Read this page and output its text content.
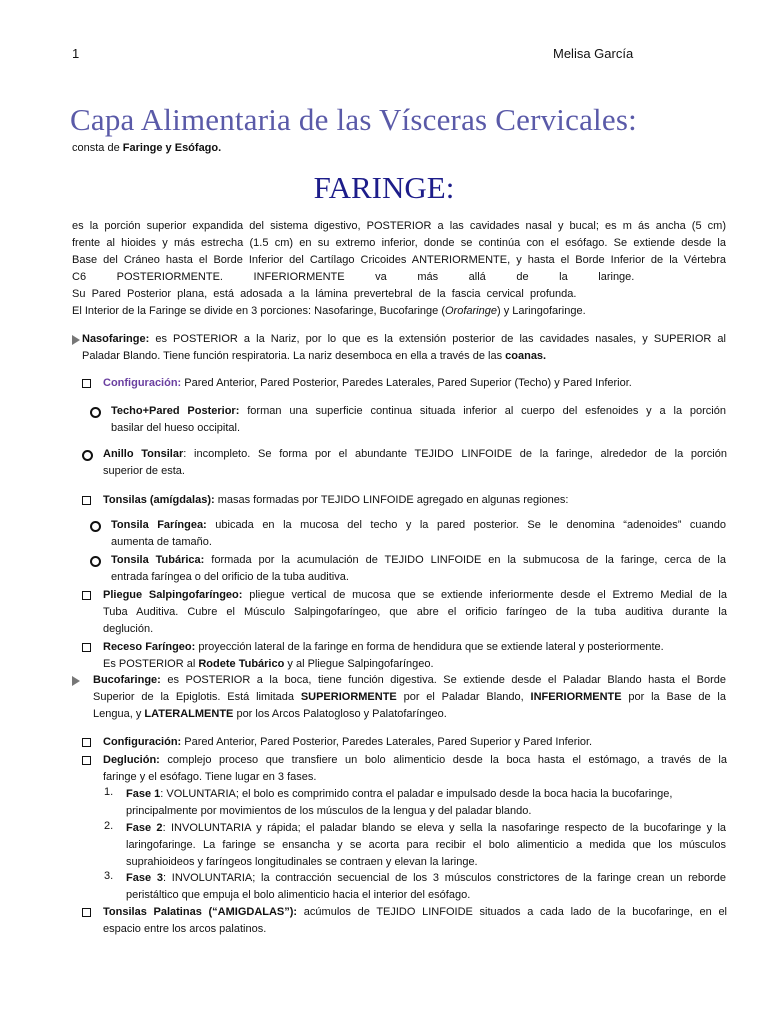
1	Melisa García
Capa Alimentaria de las Vísceras Cervicales:
consta de Faringe y Esófago.
FARINGE:
es la porción superior expandida del sistema digestivo, POSTERIOR a las cavidades nasal y bucal; es m ás ancha (5 cm)
frente al hioides y más estrecha (1.5 cm) en su extremo inferior, donde se continúa con el esófago. Se extiende desde la
Base del Cráneo hasta el Borde Inferior del Cartílago Cricoides ANTERIORMENTE, y hasta el Borde Inferior de la Vértebra
C6          POSTERIORMENTE.          INFERIORMENTE          va          más          allá          de          la          laringe.
Su  Pared  Posterior  plana,  está  adosada  a  la  lámina  prevertebral  de  la  fascia  cervical  profunda.
El Interior de la Faringe se divide en 3 porciones: Nasofaringe, Bucofaringe (Orofaringe) y Laringofaringe.
Nasofaringe: es POSTERIOR a la Nariz, por lo que es la extensión posterior de las cavidades nasales, y SUPERIOR al
Paladar Blando. Tiene función respiratoria. La nariz desemboca en ella a través de las coanas.
Configuración: Pared Anterior, Pared Posterior, Paredes Laterales, Pared Superior (Techo) y Pared Inferior.
Techo+Pared Posterior: forman una superficie continua situada inferior al cuerpo del esfenoides y a la porción
basilar del hueso occipital.
Anillo Tonsilar: incompleto. Se forma por el abundante TEJIDO LINFOIDE de la faringe, alrededor de la porción
superior de esta.
Tonsilas (amígdalas): masas formadas por TEJIDO LINFOIDE agregado en algunas regiones:
Tonsila Faríngea: ubicada en la mucosa del techo y la pared posterior. Se le denomina “adenoides” cuando
aumenta de tamaño.
Tonsila Tubárica: formada por la acumulación de TEJIDO LINFOIDE en la submucosa de la faringe, cerca de la
entrada faríngea o del orificio de la tuba auditiva.
Pliegue Salpingofaríngeo: pliegue vertical de mucosa que se extiende inferiormente desde el Extremo Medial de la
Tuba Auditiva. Cubre el Músculo Salpingofaríngeo, que abre el orificio faríngeo de la tuba auditiva durante la
deglución.
Receso Faríngeo: proyección lateral de la faringe en forma de hendidura que se extiende lateral y posteriormente.
Es POSTERIOR al Rodete Tubárico y al Pliegue Salpingofaríngeo.
Bucofaringe: es POSTERIOR a la boca, tiene función digestiva. Se extiende desde el Paladar Blando hasta el Borde
Superior de la Epiglotis. Está limitada SUPERIORMENTE por el Paladar Blando, INFERIORMENTE por la Base de la
Lengua, y LATERALMENTE por los Arcos Palatogloso y Palatofaríngeo.
Configuración: Pared Anterior, Pared Posterior, Paredes Laterales, Pared Superior y Pared Inferior.
Deglución: complejo proceso que transfiere un bolo alimenticio desde la boca hasta el estómago, a través de la
faringe y el esófago. Tiene lugar en 3 fases.
1. Fase 1: VOLUNTARIA; el bolo es comprimido contra el paladar e impulsado desde la boca hacia la bucofaringe,
principalmente por movimientos de los músculos de la lengua y del paladar blando.
2. Fase 2: INVOLUNTARIA y rápida; el paladar blando se eleva y sella la nasofaringe respecto de la bucofaringe y la
laringofaringe. La faringe se ensancha y se acorta para recibir el bolo alimenticio a medida que los músculos
suprahioideos y faríngeos longitudinales se contraen y elevan la laringe.
3. Fase 3: INVOLUNTARIA; la contracción secuencial de los 3 músculos constrictores de la faringe crean un reborde
peristáltico que empuja el bolo alimenticio hacia el interior del esófago.
Tonsilas Palatinas (“AMIGDALAS”): acúmulos de TEJIDO LINFOIDE situados a cada lado de la bucofaringe, en el
espacio entre los arcos palatinos.
